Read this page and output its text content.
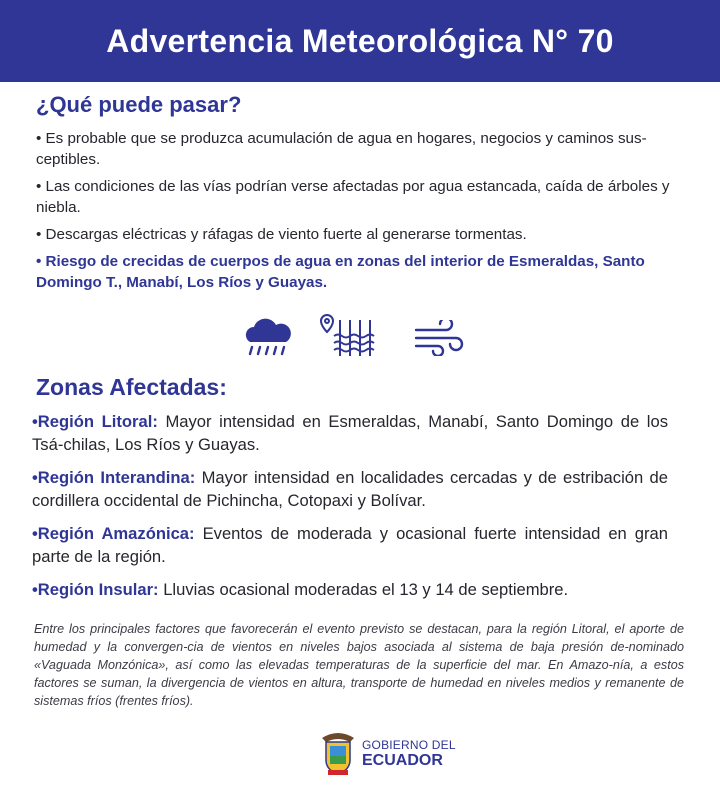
Advertencia Meteorológica N° 70
¿Qué puede pasar?

• Es probable que se produzca acumulación de agua en hogares, negocios y caminos sus-ceptibles.

• Las condiciones de las vías podrían verse afectadas por agua estancada, caída de árboles y niebla.

• Descargas eléctricas y ráfagas de viento fuerte al generarse tormentas.

• Riesgo de crecidas de cuerpos de agua en zonas del interior de Esmeraldas, Santo Domingo T., Manabí, Los Ríos y Guayas.

Zonas Afectadas:

•Región Litoral: Mayor intensidad en Esmeraldas, Manabí, Santo Domingo de los Tsá-chilas, Los Ríos y Guayas.

•Región Interandina: Mayor intensidad en localidades cercadas y de estribación de cordillera occidental de Pichincha, Cotopaxi y Bolívar.

•Región Amazónica: Eventos de moderada y ocasional fuerte intensidad en gran parte de la región.

•Región Insular: Lluvias ocasional moderadas el 13 y 14 de septiembre.

Entre los principales factores que favorecerán el evento previsto se destacan, para la región Litoral, el aporte de humedad y la convergen-cia de vientos en niveles bajos asociada al sistema de baja presión de-nominado «Vaguada Monzónica», así como las elevadas temperaturas de la superficie del mar. En Amazo-nía, a estos factores se suman, la divergencia de vientos en altura, transporte de humedad en niveles medios y remanente de sistemas fríos (frentes fríos).
GOBIERNO DEL
ECUADOR
